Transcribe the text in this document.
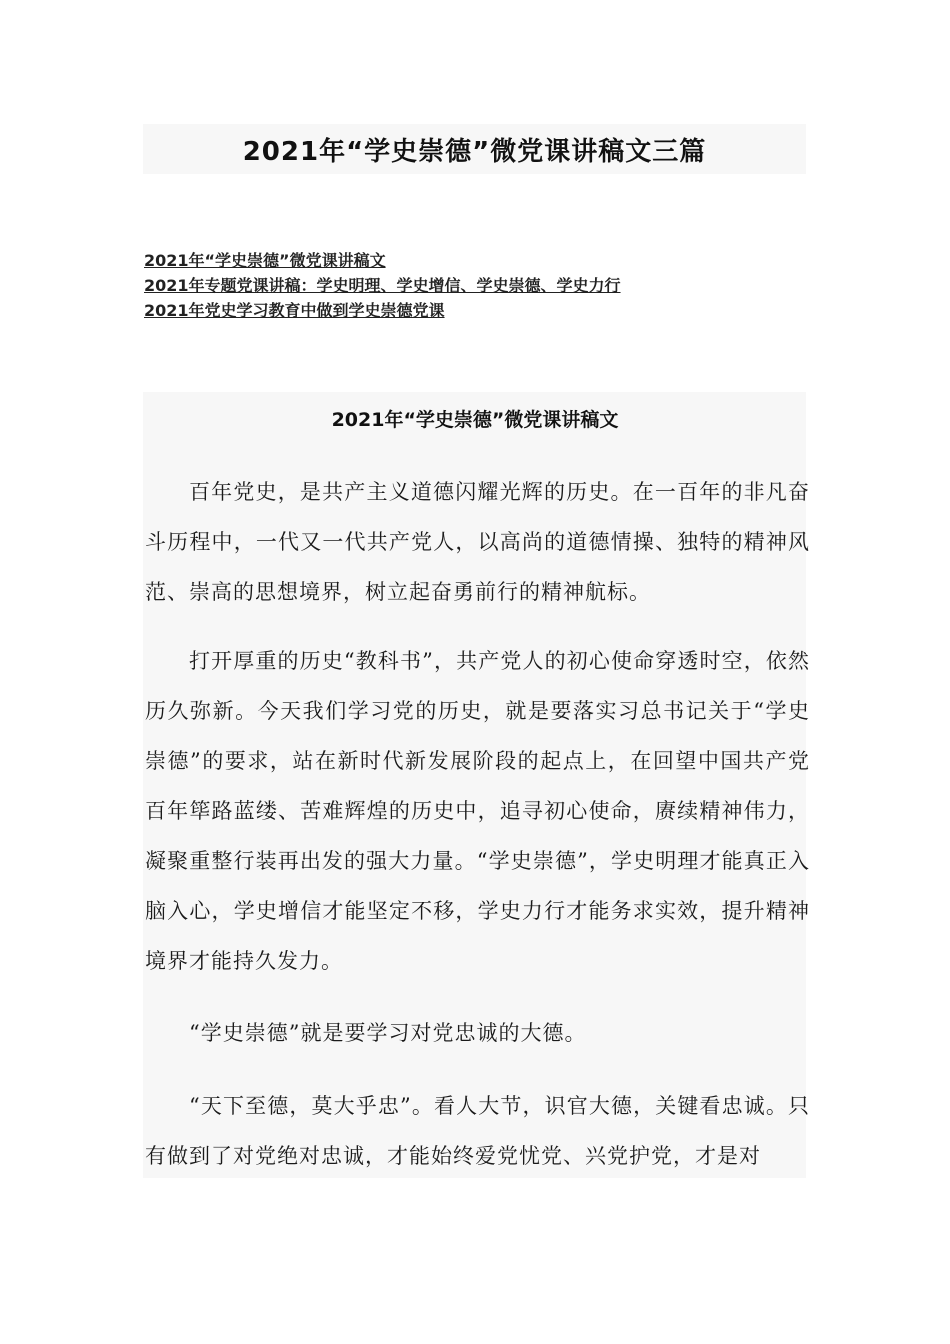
2021年“学史崇德”微党课讲稿文三篇
2021年“学史崇德”微党课讲稿文
2021年专题党课讲稿：学史明理、学史增信、学史崇德、学史力行
2021年党史学习教育中做到学史崇德党课
2021年“学史崇德”微党课讲稿文

百年党史，是共产主义道德闪耀光辉的历史。在一百年的非凡奋斗历程中，一代又一代共产党人，以高尚的道德情操、独特的精神风范、崇高的思想境界，树立起奋勇前行的精神航标。

打开厚重的历史“教科书”，共产党人的初心使命穿透时空，依然历久弥新。今天我们学习党的历史，就是要落实习总书记关于“学史崇德”的要求，站在新时代新发展阶段的起点上，在回望中国共产党百年筚路蓝缕、苦难辉煌的历史中，追寻初心使命，赓续精神伟力，凝聚重整行装再出发的强大力量。“学史崇德”，学史明理才能真正入脑入心，学史增信才能坚定不移，学史力行才能务求实效，提升精神境界才能持久发力。

“学史崇德”就是要学习对党忠诚的大德。

“天下至德，莫大乎忠”。看人大节，识官大德，关键看忠诚。只有做到了对党绝对忠诚，才能始终爱党忧党、兴党护党，才是对
